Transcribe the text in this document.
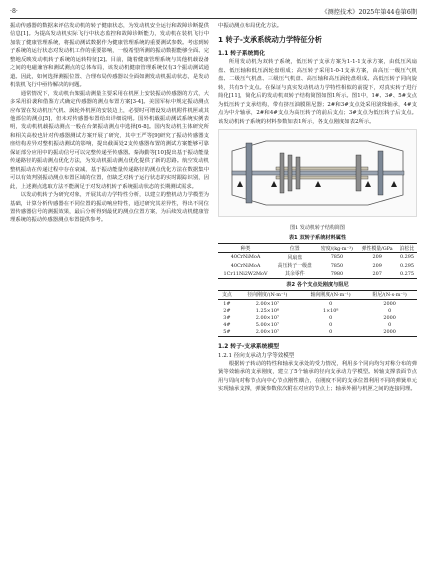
·8·	《测控技术》2025年第44卷第6期

振动传感器的数据来评估发动机的转子健康状态，为发动机安全运行和故障诊断提供信息[1]。为提高发动机实际飞行中状态监控和故障诊断能力，发动机在装机飞行中加装了健康管理系统，将振动测试数据作为健康管理系统的重要测试参数。考虑到转子系统的运行状态对发动机工作的重要影响，一般希望所测的振动数据能够全面、完整地反映发动机转子系统的运转特征[2]。目前，随着健康管理系统与其他机载设备之间的电磁兼容和测试测点的总体布局，该发动机健康管理系统仅有3个振动测试通道。因此，如何选择测振位置、合理布局传感器以全面如测发动机振动状态，是发动机装机飞行中亟待解决的问题。

通常情况下，发动机台架振动测量主要采用在机匣上安装振动传感器的方式，大多采用沿袭和借鉴方式确定传感器的测点布置方案[3-4]。美国军标中规定振动测点应布置在发动机压气机、涡轮外机匣的安装边上，必要时可增设发动机附件机匣或其他部位的测点[5]，但未对传感器布置给出详细说明。国外机载振动测试系统实例表明，发动机机载振动测点一般在台架振动测点中选择[6-8]。国内发动机主体研究所和相关高校也针对传感器测试方案开展了研究，其中王严等[9]研究了振动传感器支座结构差异对整机振动测试的影响，提出截面处2支传感器布置的测试方案能够可靠保证部分应用中的振动信号可以完整传递至传感器。秦海勤等[10]提出基于振动能量传递路径的振动测点优化方法，为发动机振动测点优化提供了新的思路。航空发动机整机振动在传递过程中存在衰减，基于振动能量传递路径的测点优化方法在数据集中可以有效判别振动测点布置区域的位置，但缺乏对转子运行状态的实时跟踪识别，因此，上述测点选取方法不能满足于对发动机转子系统振动状态的长期测试需求。

以发动机转子为研究对象，开展其动力学特性分析，以建立的整机动力学模型为基础，计算分析传感器在不同位置的振动响应特性，通过研究其差异性，得出不同位置传感器信号的测振效果，最后分析得到最优的测点位置方案，为后续发动机健康管理系统的振动传感器测点布置提供参考。

中振动测点布局优化方法。

1 转子-支承系统动力学特征分析
1.1 转子系统简化

所用发动机为双转子系统，低压转子支承方案为1-1-1支承方案，由低压风扇盘、低压轴和低压涡轮盘组成；高压转子采用1-0-1支承方案，由高压一级压气机盘、二级压气机盘、三级压气机盘、高压轴和高压涡轮盘组成。高低压转子同向旋转，共有5个支点。在保证与真实发动机动力学特性相似的前提下，对真实转子进行简化[11]，简化后的发动机双转子结构简图如图1所示。图1中，1#、3#、5#支点为低压转子支承结构，带有挤压油膜阻尼器；2#和3#支点处采用滚珠轴承，4#支点为中介轴承，2#和4#支点为高压转子的前后支点；3#支点为低压转子后支点。该发动机转子系统的材料参数如表1所示，各支点刚度如表2所示。

图1 发动机转子结构简图
表1 双转子系统材料属性
种类	位置	密度/(kg·m⁻³)	弹性模量/GPa	泊松比
40CrNiMoA	风扇盘	7850	209	0.295
40CrNiMoA	高压转子一级盘	7850	209	0.295
1Cr11Ni2W2MoV	其余零件	7980	207	0.275
表2 各个支点处刚度与阻尼
支点	径向刚度/(N·m⁻¹)	轴向刚度/(N·m⁻¹)	阻尼/(N·s·m⁻¹)
1#	2.00×10⁷	0	2000
2#	1.25×10⁸	1×10⁸	0
3#	2.00×10⁷	0	2000
4#	5.00×10⁷	0	0
5#	2.00×10⁷	0	2000
1.2 转子-支承系统模型
1.2.1 径向支承动力学等效模型

根据转子转动的特性和轴承支承处的受力情况，利用多个同向均匀对称分布的弹簧等效轴承的支承刚度，建立了5个轴承的径向支承动力学模型。转轴支撑表面节点用与周向对称节点向中心节点刚性耦合，在刚度不同的支承位置利用不同的弹簧单元实现轴承支撑，弹簧参数依次附在对应的节点上；轴承外圈与机匣之间的连接同理。
